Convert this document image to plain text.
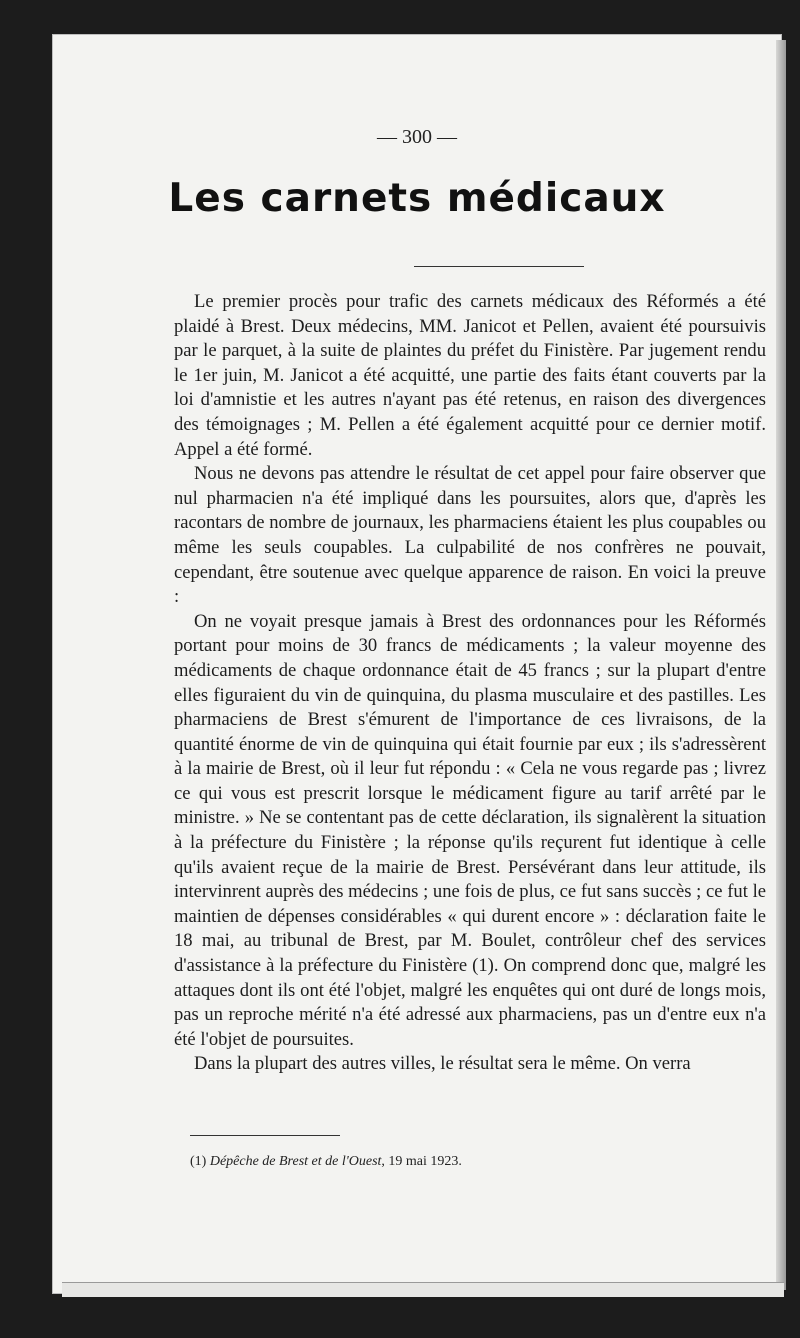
— 300 —
Les carnets médicaux

Le premier procès pour trafic des carnets médicaux des Réformés a été plaidé à Brest. Deux médecins, MM. Janicot et Pellen, avaient été poursuivis par le parquet, à la suite de plaintes du préfet du Finistère. Par jugement rendu le 1er juin, M. Janicot a été acquitté, une partie des faits étant couverts par la loi d'amnistie et les autres n'ayant pas été retenus, en raison des divergences des témoignages ; M. Pellen a été également acquitté pour ce dernier motif. Appel a été formé.

Nous ne devons pas attendre le résultat de cet appel pour faire observer que nul pharmacien n'a été impliqué dans les poursuites, alors que, d'après les racontars de nombre de journaux, les pharmaciens étaient les plus coupables ou même les seuls coupables. La culpabilité de nos confrères ne pouvait, cependant, être soutenue avec quelque apparence de raison. En voici la preuve :

On ne voyait presque jamais à Brest des ordonnances pour les Réformés portant pour moins de 30 francs de médicaments ; la valeur moyenne des médicaments de chaque ordonnance était de 45 francs ; sur la plupart d'entre elles figuraient du vin de quinquina, du plasma musculaire et des pastilles. Les pharmaciens de Brest s'émurent de l'importance de ces livraisons, de la quantité énorme de vin de quinquina qui était fournie par eux ; ils s'adressèrent à la mairie de Brest, où il leur fut répondu : « Cela ne vous regarde pas ; livrez ce qui vous est prescrit lorsque le médicament figure au tarif arrêté par le ministre. » Ne se contentant pas de cette déclaration, ils signalèrent la situation à la préfecture du Finistère ; la réponse qu'ils reçurent fut identique à celle qu'ils avaient reçue de la mairie de Brest. Persévérant dans leur attitude, ils intervinrent auprès des médecins ; une fois de plus, ce fut sans succès ; ce fut le maintien de dépenses considérables « qui durent encore » : déclaration faite le 18 mai, au tribunal de Brest, par M. Boulet, contrôleur chef des services d'assistance à la préfecture du Finistère (1). On comprend donc que, malgré les attaques dont ils ont été l'objet, malgré les enquêtes qui ont duré de longs mois, pas un reproche mérité n'a été adressé aux pharmaciens, pas un d'entre eux n'a été l'objet de poursuites.

Dans la plupart des autres villes, le résultat sera le même. On verra

(1) Dépêche de Brest et de l'Ouest, 19 mai 1923.
